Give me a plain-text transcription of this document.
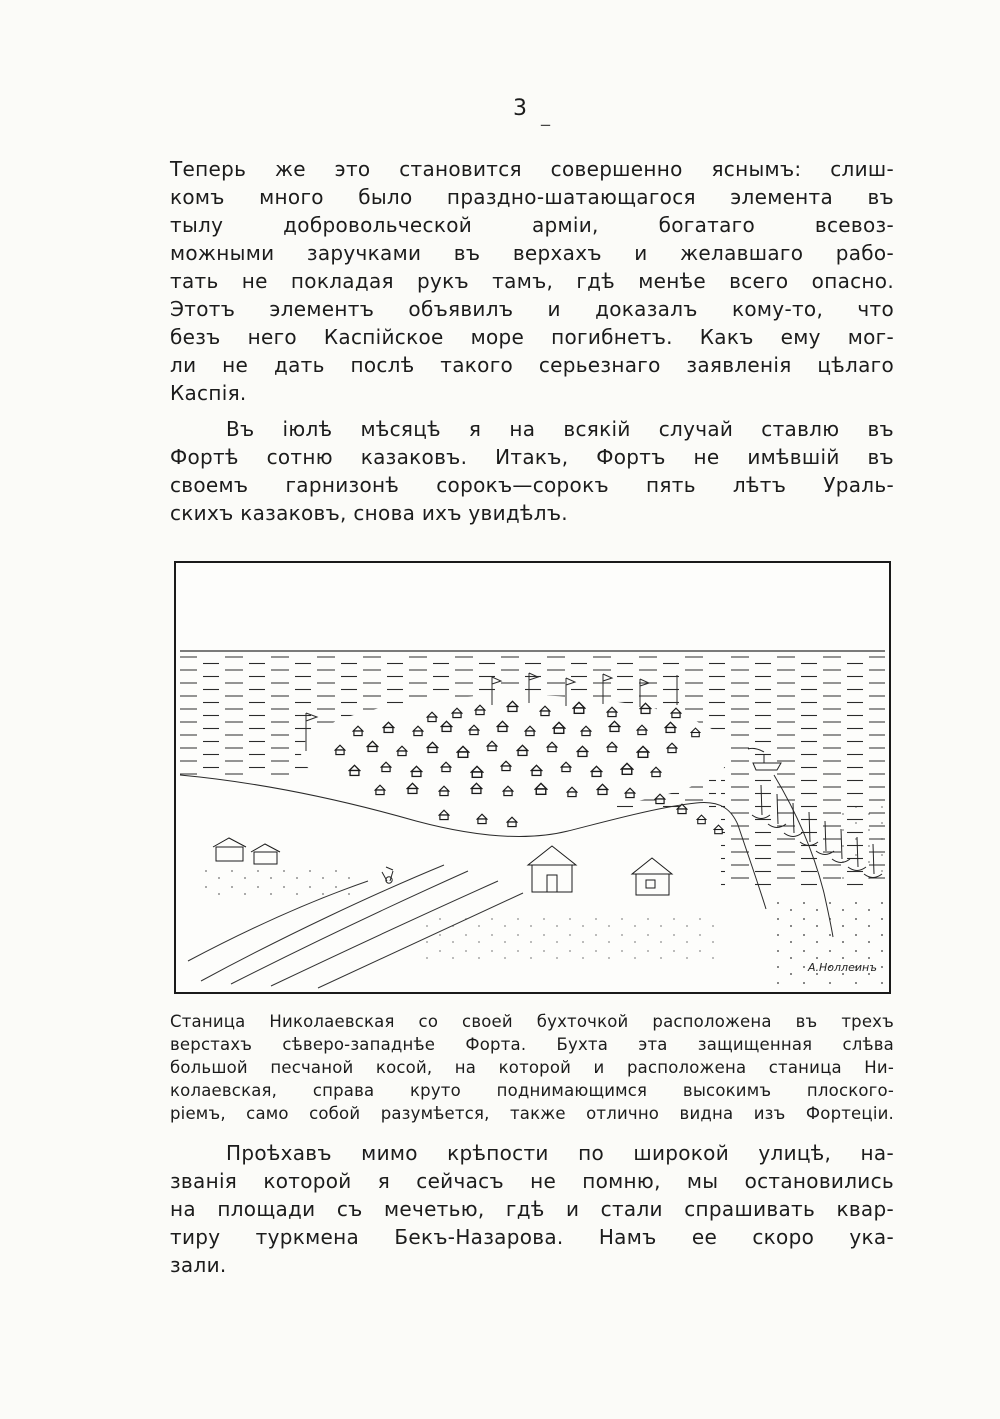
3 $_{\_}$
Теперь же это становится совершенно яснымъ: слиш-
комъ много было праздно-шатающагося элемента въ
тылу добровольческой арміи, богатаго всевоз-
можными заручками въ верхахъ и желавшаго рабо-
тать не покладая рукъ тамъ, гдѣ менѣе всего опасно.
Этотъ элементъ объявилъ и доказалъ кому-то, что
безъ него Каспійское море погибнетъ. Какъ ему мог-
ли не дать послѣ такого серьезнаго заявленія цѣлаго
Каспія.
Въ іюлѣ мѣсяцѣ я на всякій случай ставлю въ
Фортѣ сотню казаковъ. Итакъ, Фортъ не имѣвшій въ
своемъ гарнизонѣ сорокъ—сорокъ пять лѣтъ Ураль-
скихъ казаковъ, снова ихъ увидѣлъ.
А.Ноллеинъ
Станица Николаевская со своей бухточкой расположена въ трехъ
верстахъ сѣверо-западнѣе Форта. Бухта эта защищенная слѣва
большой песчаной косой, на которой и расположена станица Ни-
колаевская, справа круто поднимающимся высокимъ плоского-
ріемъ, само собой разумѣется, также отлично видна изъ Фортеціи.
Проѣхавъ мимо крѣпости по широкой улицѣ, на-
званія которой я сейчасъ не помню, мы остановились
на площади съ мечетью, гдѣ и стали спрашивать квар-
тиру туркмена Бекъ-Назарова. Намъ ее скоро ука-
зали.
